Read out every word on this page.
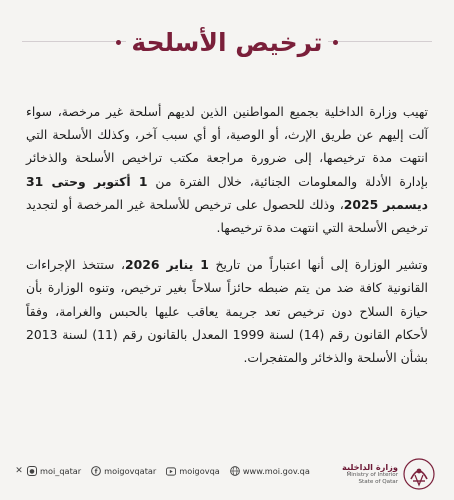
ترخيص الأسلحة

تهيب وزارة الداخلية بجميع المواطنين الذين لديهم أسلحة غير مرخصة، سواء آلت إليهم عن طريق الإرث، أو الوصية، أو أي سبب آخر، وكذلك الأسلحة التي انتهت مدة ترخيصها، إلى ضرورة مراجعة مكتب تراخيص الأسلحة والذخائر بإدارة الأدلة والمعلومات الجنائية، خلال الفترة من 1 أكتوبر وحتى 31 ديسمبر 2025، وذلك للحصول على ترخيص للأسلحة غير المرخصة أو لتجديد ترخيص الأسلحة التي انتهت مدة ترخيصها.

وتشير الوزارة إلى أنها اعتباراً من تاريخ 1 يناير 2026، ستتخذ الإجراءات القانونية كافة ضد من يتم ضبطه حائزاً سلاحاً بغير ترخيص، وتنوه الوزارة بأن حيازة السلاح دون ترخيص تعد جريمة يعاقب عليها بالحبس والغرامة، وفقاً لأحكام القانون رقم (14) لسنة 1999 المعدل بالقانون رقم (11) لسنة 2013 بشأن الأسلحة والذخائر والمتفجرات.

✕	● moi_qatar f moigovqatar	moigovqa	www.moi.gov.qa	وزارة الداخلية
Ministry of Interior
State of Qatar
